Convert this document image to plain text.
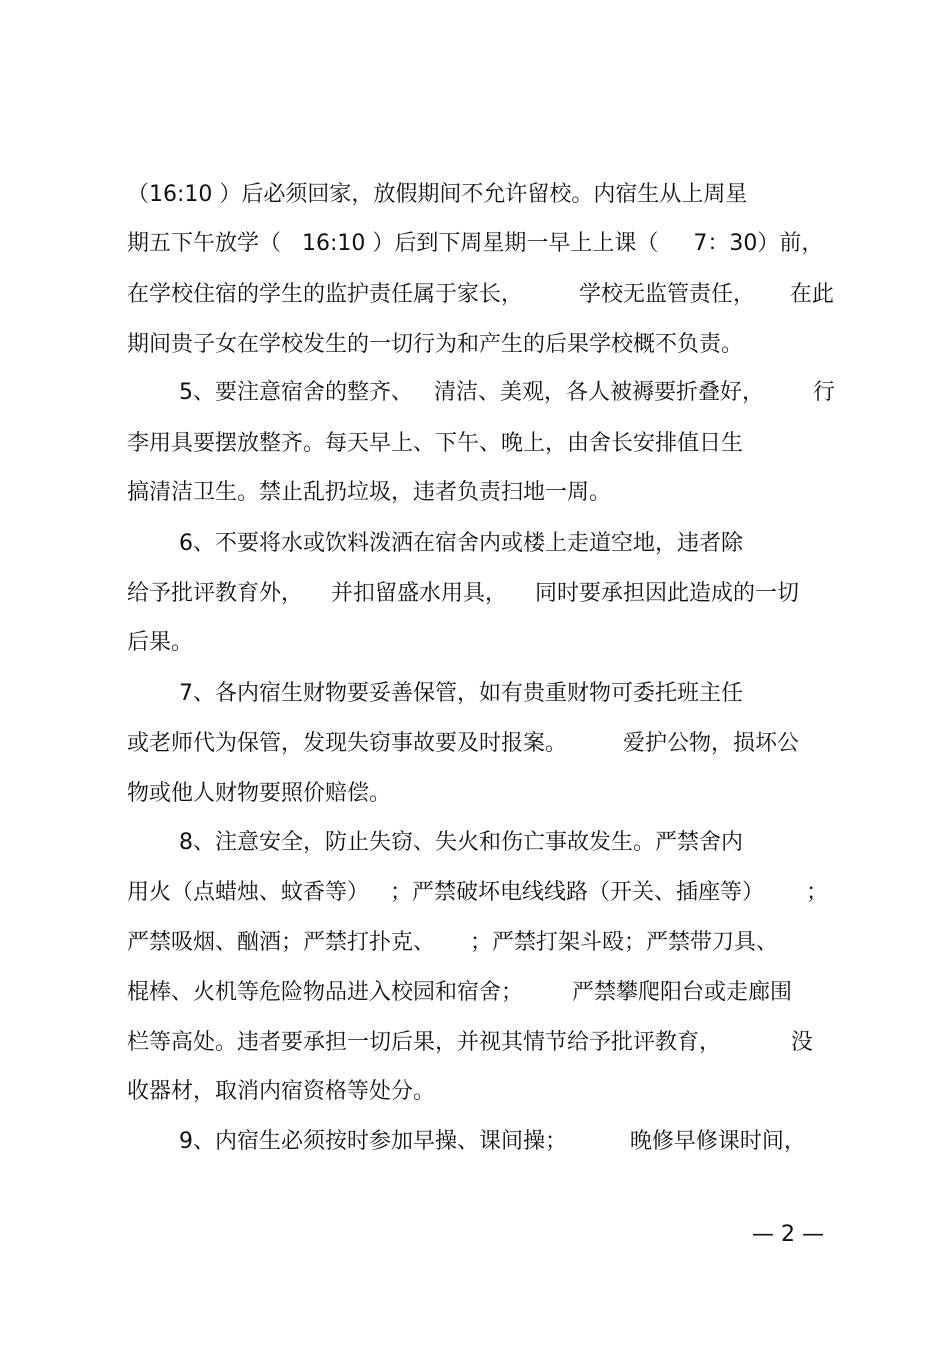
（16:10 ）后必须回家，放假期间不允许留校。内宿生从上周星
期五下午放学（   16:10 ）后到下周星期一早上上课（     7：30）前，
在学校住宿的学生的监护责任属于家长，        学校无监管责任，     在此
期间贵子女在学校发生的一切行为和产生的后果学校概不负责。
5、要注意宿舍的整齐、   清洁、美观，各人被褥要折叠好，       行
李用具要摆放整齐。每天早上、下午、晚上，由舍长安排值日生
搞清洁卫生。禁止乱扔垃圾，违者负责扫地一周。
6、不要将水或饮料泼洒在宿舍内或楼上走道空地，违者除
给予批评教育外，    并扣留盛水用具，    同时要承担因此造成的一切
后果。
7、各内宿生财物要妥善保管，如有贵重财物可委托班主任
或老师代为保管，发现失窃事故要及时报案。        爱护公物，损坏公
物或他人财物要照价赔偿。
8、注意安全，防止失窃、失火和伤亡事故发生。严禁舍内
用火（点蜡烛、蚊香等）   ；严禁破坏电线线路（开关、插座等）      ；
严禁吸烟、酗酒；严禁打扑克、     ；严禁打架斗殴；严禁带刀具、
棍棒、火机等危险物品进入校园和宿舍；       严禁攀爬阳台或走廊围
栏等高处。违者要承担一切后果，并视其情节给予批评教育，          没
收器材，取消内宿资格等处分。
9、内宿生必须按时参加早操、课间操；         晚修早修课时间，
— 2 —
